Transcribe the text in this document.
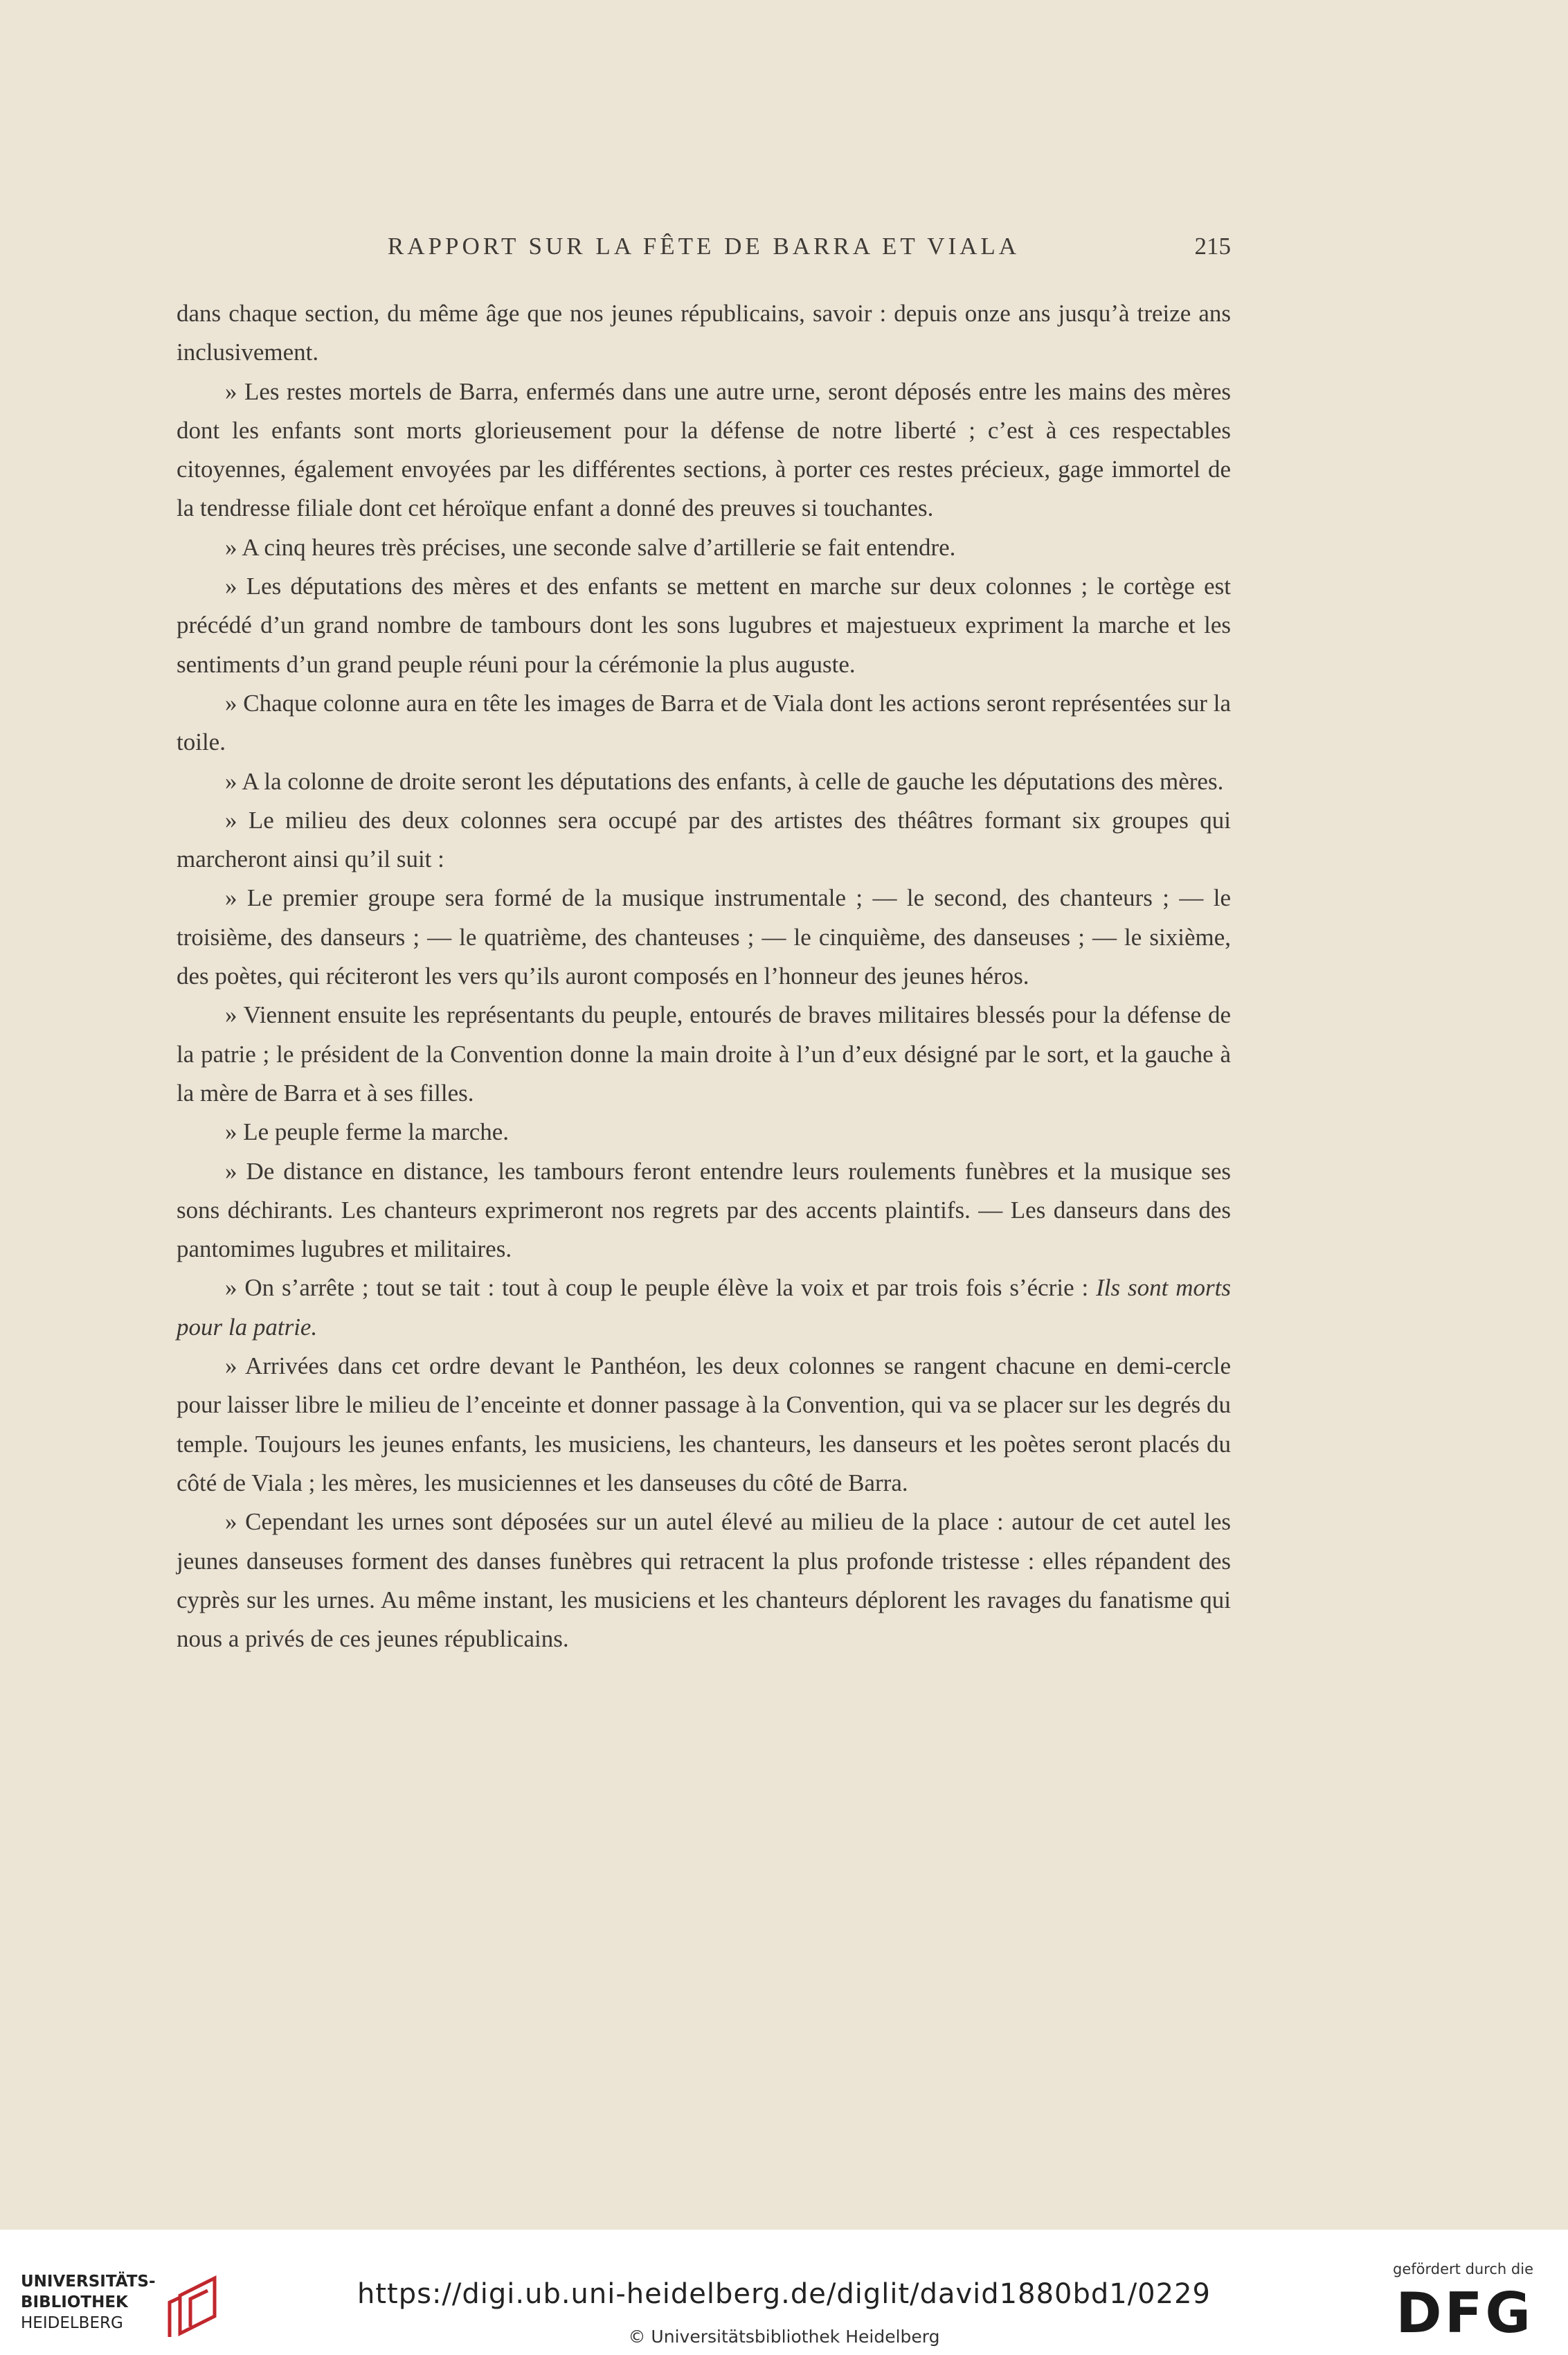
RAPPORT SUR LA FÊTE DE BARRA ET VIALA	215

dans chaque section, du même âge que nos jeunes républicains, savoir : depuis onze ans jusqu’à treize ans inclusivement.

» Les restes mortels de Barra, enfermés dans une autre urne, seront déposés entre les mains des mères dont les enfants sont morts glorieusement pour la défense de notre liberté ; c’est à ces respectables citoyennes, également envoyées par les différentes sections, à porter ces restes précieux, gage immortel de la tendresse filiale dont cet héroïque enfant a donné des preuves si touchantes.

» A cinq heures très précises, une seconde salve d’artillerie se fait entendre.

» Les députations des mères et des enfants se mettent en marche sur deux colonnes ; le cortège est précédé d’un grand nombre de tambours dont les sons lugubres et majestueux expriment la marche et les sentiments d’un grand peuple réuni pour la cérémonie la plus auguste.

» Chaque colonne aura en tête les images de Barra et de Viala dont les actions seront représentées sur la toile.

» A la colonne de droite seront les députations des enfants, à celle de gauche les députations des mères.

» Le milieu des deux colonnes sera occupé par des artistes des théâtres formant six groupes qui marcheront ainsi qu’il suit :

» Le premier groupe sera formé de la musique instrumentale ; — le second, des chanteurs ; — le troisième, des danseurs ; — le quatrième, des chanteuses ; — le cinquième, des danseuses ; — le sixième, des poètes, qui réciteront les vers qu’ils auront composés en l’honneur des jeunes héros.

» Viennent ensuite les représentants du peuple, entourés de braves militaires blessés pour la défense de la patrie ; le président de la Convention donne la main droite à l’un d’eux désigné par le sort, et la gauche à la mère de Barra et à ses filles.

» Le peuple ferme la marche.

» De distance en distance, les tambours feront entendre leurs roulements funèbres et la musique ses sons déchirants. Les chanteurs exprimeront nos regrets par des accents plaintifs. — Les danseurs dans des pantomimes lugubres et militaires.

» On s’arrête ; tout se tait : tout à coup le peuple élève la voix et par trois fois s’écrie : Ils sont morts pour la patrie.

» Arrivées dans cet ordre devant le Panthéon, les deux colonnes se rangent chacune en demi-cercle pour laisser libre le milieu de l’enceinte et donner passage à la Convention, qui va se placer sur les degrés du temple. Toujours les jeunes enfants, les musiciens, les chanteurs, les danseurs et les poètes seront placés du côté de Viala ; les mères, les musiciennes et les danseuses du côté de Barra.

» Cependant les urnes sont déposées sur un autel élevé au milieu de la place : autour de cet autel les jeunes danseuses forment des danses funèbres qui retracent la plus profonde tristesse : elles répandent des cyprès sur les urnes. Au même instant, les musiciens et les chanteurs déplorent les ravages du fanatisme qui nous a privés de ces jeunes républicains.

UNIVERSITÄTS-
BIBLIOTHEK
HEIDELBERG
https://digi.ub.uni-heidelberg.de/diglit/david1880bd1/0229
© Universitätsbibliothek Heidelberg
gefördert durch die
DFG
